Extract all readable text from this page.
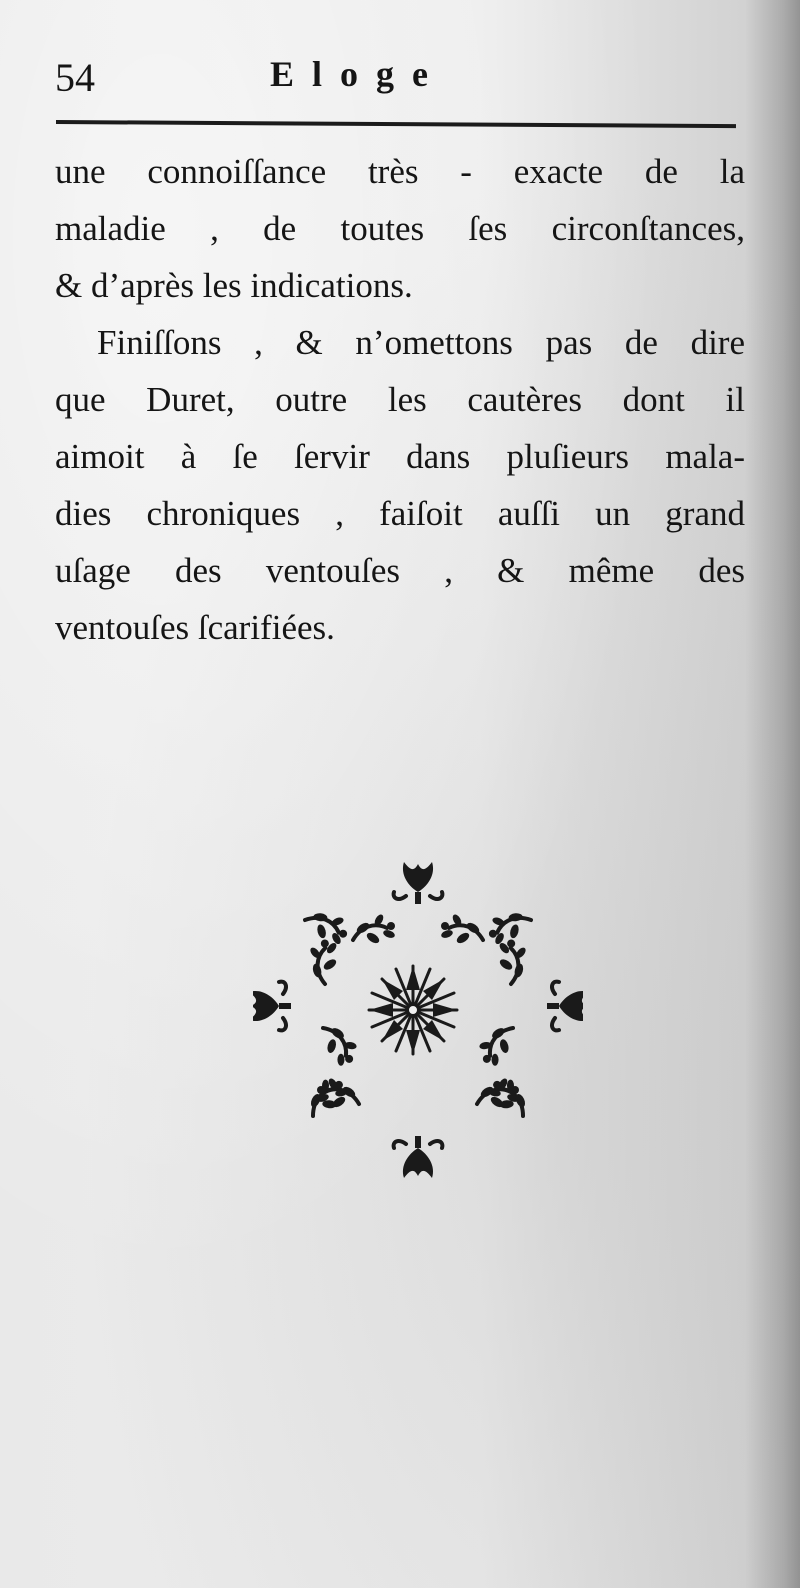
54	Eloge
une connoiſſance très - exacte de la
maladie , de toutes ſes circonſtances,
& d’après les indications.
Finiſſons , & n’omettons pas de dire
que Duret, outre les cautères dont il
aimoit à ſe ſervir dans pluſieurs mala-
dies chroniques , faiſoit auſſi un grand
uſage des ventouſes , & même des
ventouſes ſcarifiées.
